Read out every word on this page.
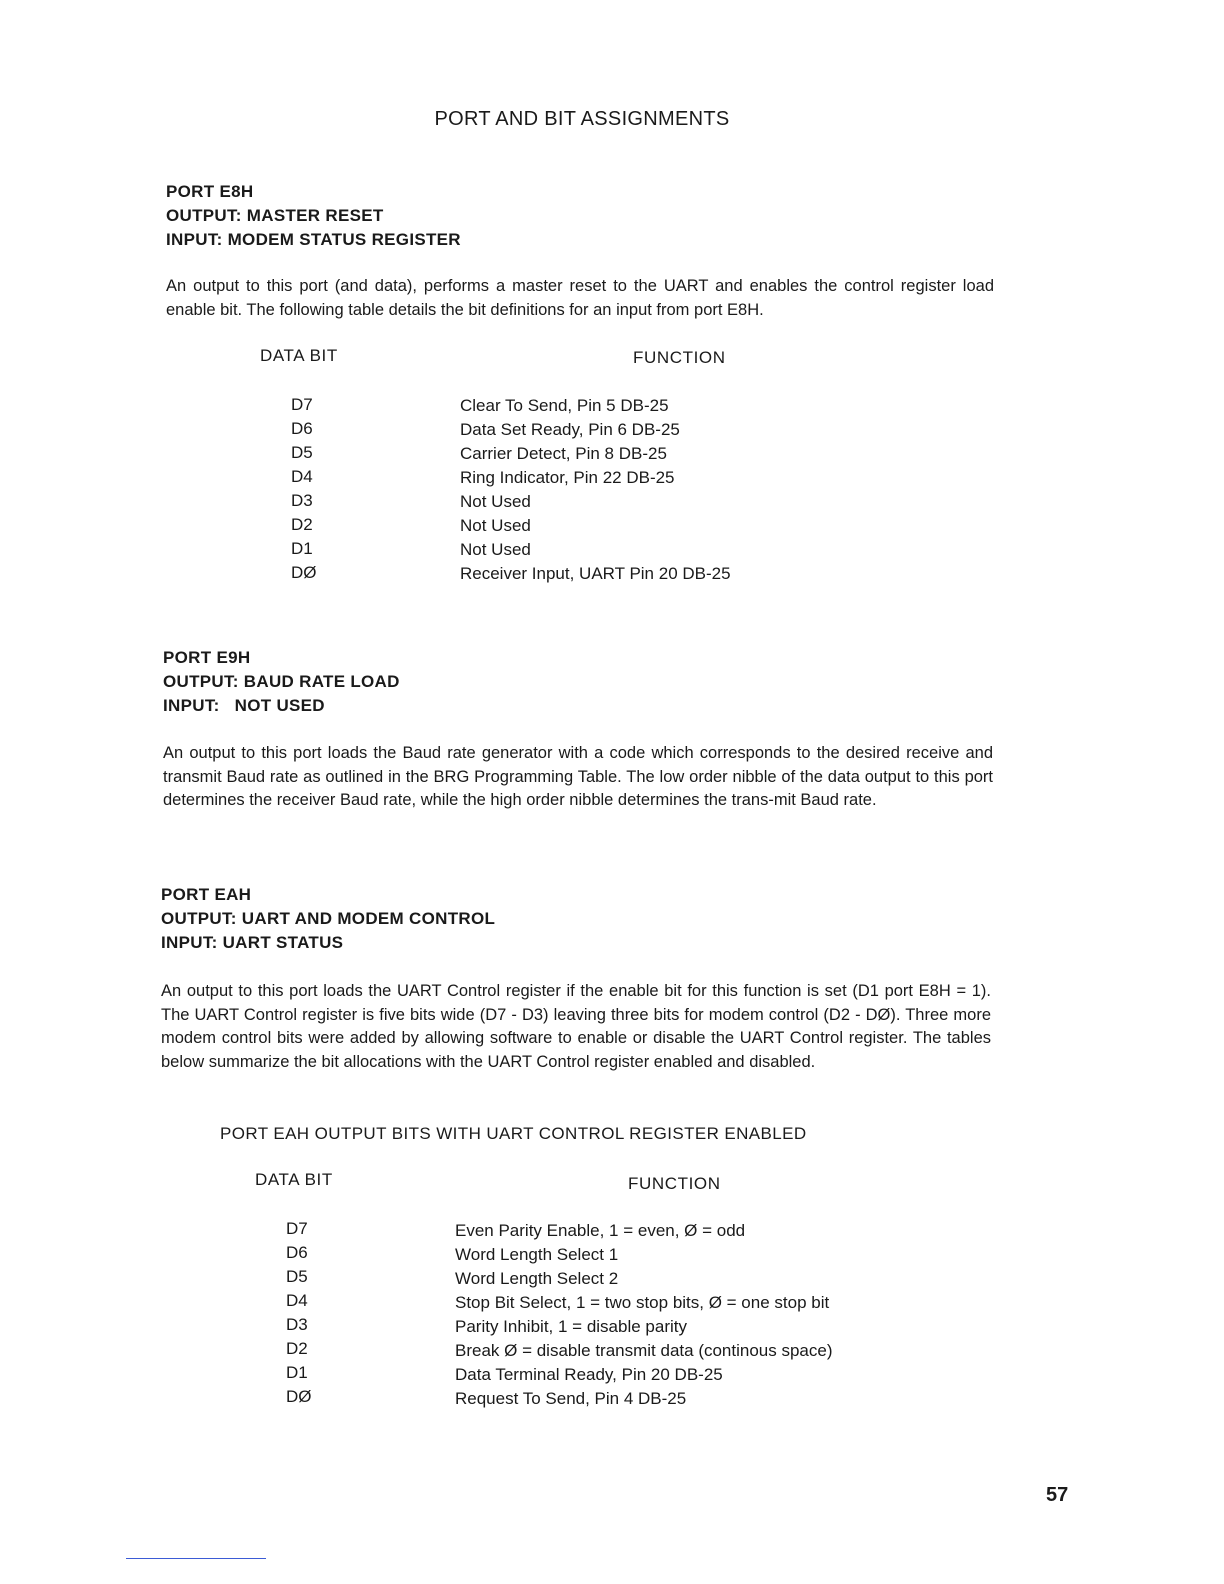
PORT AND BIT ASSIGNMENTS
PORT E8H
OUTPUT: MASTER RESET
INPUT: MODEM STATUS REGISTER
An output to this port (and data), performs a master reset to the UART and enables the control register load enable bit. The following table details the bit definitions for an input from port E8H.
DATA BIT	FUNCTION
D7
D6
D5
D4
D3
D2
D1
DØ
Clear To Send, Pin 5 DB-25
Data Set Ready, Pin 6 DB-25
Carrier Detect, Pin 8 DB-25
Ring Indicator, Pin 22 DB-25
Not Used
Not Used
Not Used
Receiver Input, UART Pin 20 DB-25
PORT E9H
OUTPUT: BAUD RATE LOAD
INPUT:   NOT USED
An output to this port loads the Baud rate generator with a code which corresponds to the desired receive and transmit Baud rate as outlined in the BRG Programming Table. The low order nibble of the data output to this port determines the receiver Baud rate, while the high order nibble determines the trans-mit Baud rate.
PORT EAH
OUTPUT: UART AND MODEM CONTROL
INPUT: UART STATUS
An output to this port loads the UART Control register if the enable bit for this function is set (D1 port E8H = 1). The UART Control register is five bits wide (D7 - D3) leaving three bits for modem control (D2 - DØ). Three more modem control bits were added by allowing software to enable or disable the UART Control register. The tables below summarize the bit allocations with the UART Control register enabled and disabled.
PORT EAH OUTPUT BITS WITH UART CONTROL REGISTER ENABLED
DATA BIT	FUNCTION
D7
D6
D5
D4
D3
D2
D1
DØ
Even Parity Enable, 1 = even, Ø = odd
Word Length Select 1
Word Length Select 2
Stop Bit Select, 1 = two stop bits, Ø = one stop bit
Parity Inhibit, 1 = disable parity
Break Ø = disable transmit data (continous space)
Data Terminal Ready, Pin 20 DB-25
Request To Send, Pin 4 DB-25
57
